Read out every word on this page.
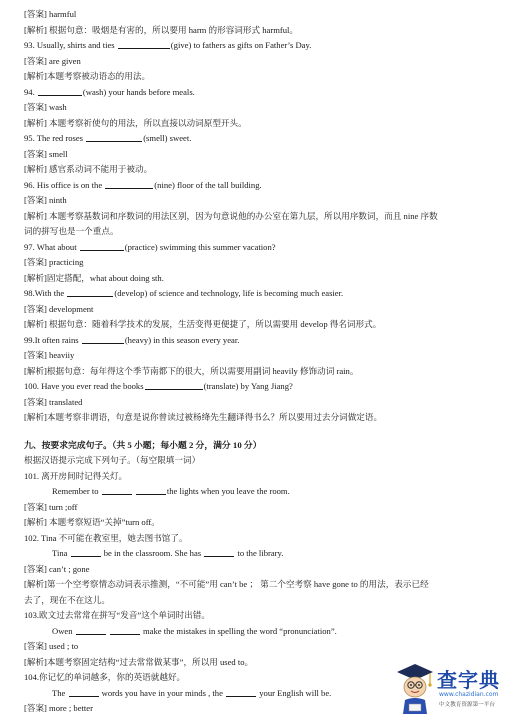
[答案] harmful
[解析] 根据句意：吸烟是有害的，所以要用 harm 的形容词形式 harmful。
93. Usually, shirts and ties	(give) to fathers as gifts on Father’s Day.
[答案] are given
[解析]本题考察被动语态的用法。
94.	(wash) your hands before meals.
[答案] wash
[解析] 本题考察祈使句的用法，所以直接以动词原型开头。
95. The red roses	(smell) sweet.
[答案] smell
[解析] 感官系动词不能用于被动。
96. His office is on the	(nine) floor of the tall building.
[答案] ninth
[解析] 本题考察基数词和序数词的用法区别，因为句意说他的办公室在第九层，所以用序数词，而且 nine 序数
词的拼写也是一个重点。
97. What about	(practice) swimming this summer vacation?
[答案] practicing
[解析]固定搭配，what about doing sth.
98.With the	(develop) of science and technology, life is becoming much easier.
[答案] development
[解析] 根据句意：随着科学技术的发展，生活变得更便捷了，所以需要用 develop 得名词形式。
99.It often rains	(heavy) in this season every year.
[答案] heaviiy
[解析]根据句意：每年得这个季节南都下的很大，所以需要用副词 heavily 修饰动词 rain。
100. Have you ever read the books	(translate) by Yang Jiang?
[答案] translated
[解析]本题考察非谓语，句意是说你曾读过被杨绛先生翻译得书么？所以要用过去分词做定语。
九、按要求完成句子。（共 5 小题；每小题 2 分，满分 10 分）
根据汉语提示完成下列句子。（每空限填一词）
101. 离开房间时记得关灯。
Remember to	the lights when you leave the room.
[答案] turn ;off
[解析] 本题考察短语“关掉”turn off。
102. Tina 不可能在教室里，她去图书馆了。
Tina	be in the classroom. She has	to the library.
[答案] can’t ; gone
[解析]第一个空考察情态动词表示推测，“不可能”用 can’t be ； 第二个空考察 have gone to 的用法，表示已经
去了，现在不在这儿。
103.欧文过去常常在拼写“发音”这个单词时出错。
Owen	make the mistakes in spelling the word “pronunciation”.
[答案] used ; to
[解析]本题考察固定结构“过去常常做某事”，所以用 used to。
104.你记忆的单词越多，你的英语就越好。
The	words you have in your minds , the	your English will be.
[答案] more ; better
查字典
www.chazidian.com
中文教育资源第一平台
